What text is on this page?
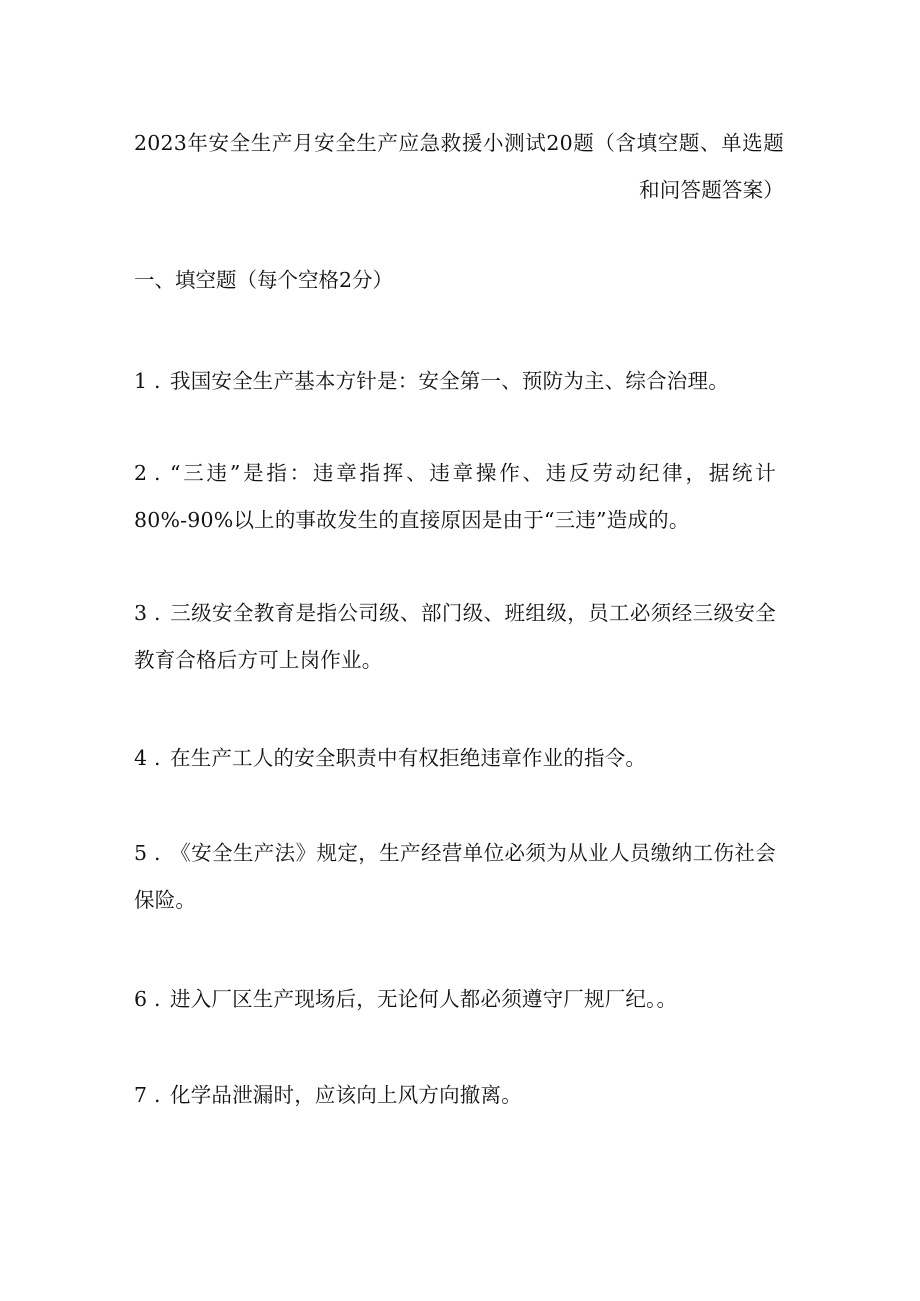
2023年安全生产月安全生产应急救援小测试20题（含填空题、单选题和问答题答案）
一、填空题（每个空格2分）
1 . 我国安全生产基本方针是：安全第一、预防为主、综合治理。
2 . “三违”是指：违章指挥、违章操作、违反劳动纪律，据统计80%-90%以上的事故发生的直接原因是由于“三违”造成的。
3 . 三级安全教育是指公司级、部门级、班组级，员工必须经三级安全教育合格后方可上岗作业。
4 . 在生产工人的安全职责中有权拒绝违章作业的指令。
5 . 《安全生产法》规定，生产经营单位必须为从业人员缴纳工伤社会保险。
6 . 进入厂区生产现场后，无论何人都必须遵守厂规厂纪。。
7 . 化学品泄漏时，应该向上风方向撤离。
